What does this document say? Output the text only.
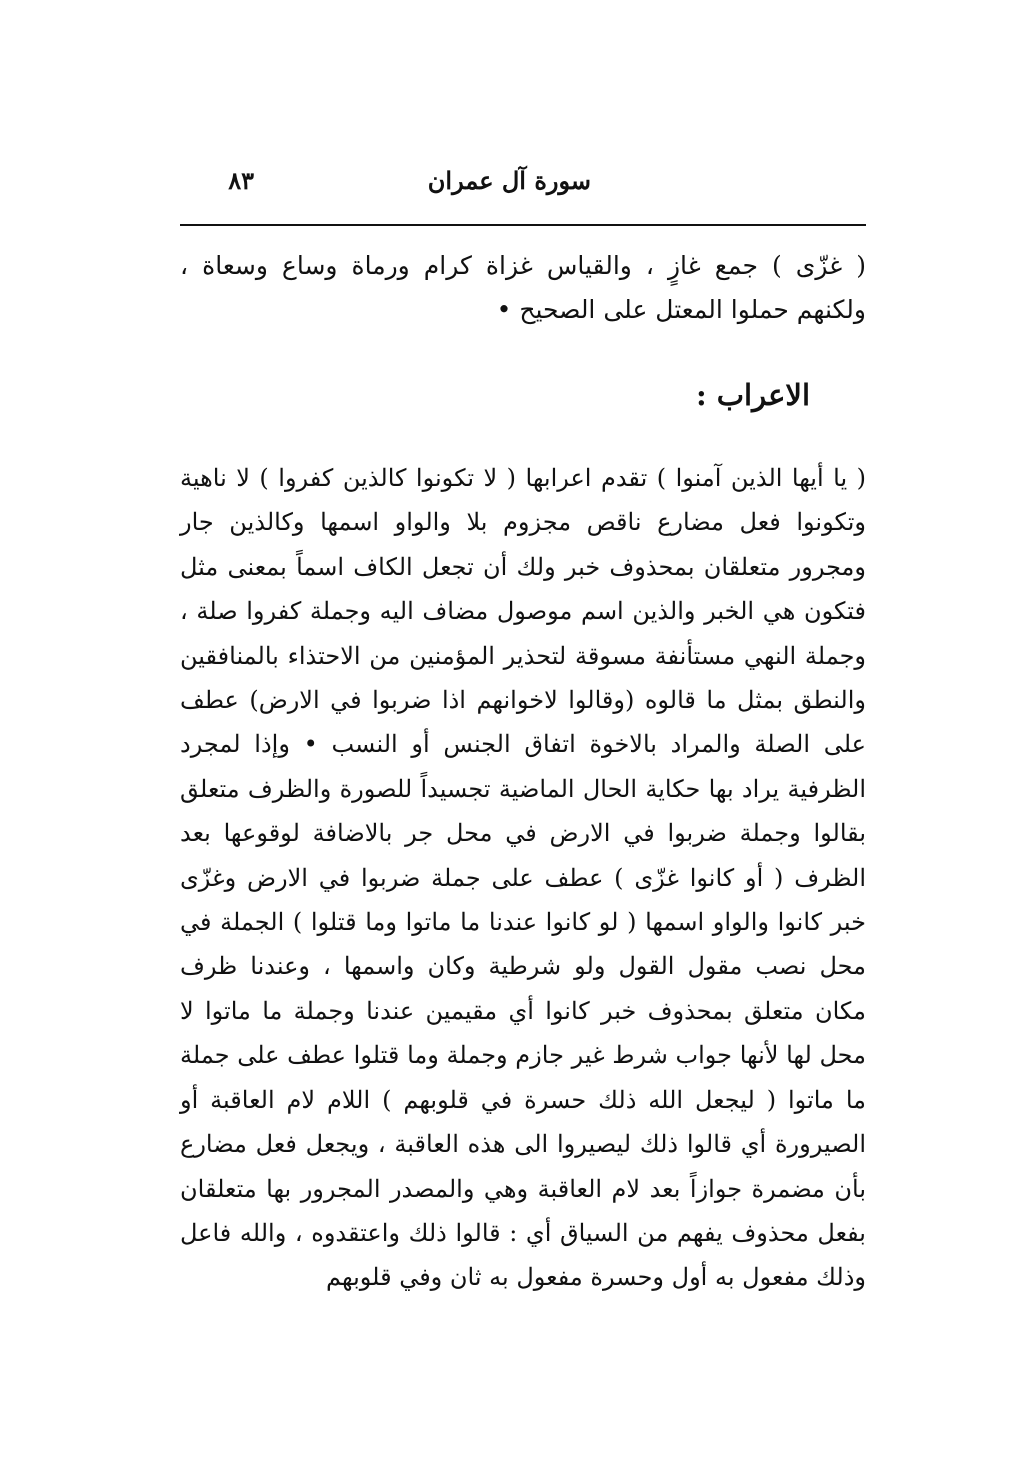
٨٣	سورة آل عمران

( غزّى ) جمع غازٍ ، والقياس غزاة كرام ورماة وساع وسعاة ، ولكنهم حملوا المعتل على الصحيح •

الاعراب :

( يا أيها الذين آمنوا ) تقدم اعرابها ( لا تكونوا كالذين كفروا ) لا ناهية وتكونوا فعل مضارع ناقص مجزوم بلا والواو اسمها وكالذين جار ومجرور متعلقان بمحذوف خبر ولك أن تجعل الكاف اسماً بمعنى مثل فتكون هي الخبر والذين اسم موصول مضاف اليه وجملة كفروا صلة ، وجملة النهي مستأنفة مسوقة لتحذير المؤمنين من الاحتذاء بالمنافقين والنطق بمثل ما قالوه (وقالوا لاخوانهم اذا ضربوا في الارض) عطف على الصلة والمراد بالاخوة اتفاق الجنس أو النسب • وإذا لمجرد الظرفية يراد بها حكاية الحال الماضية تجسيداً للصورة والظرف متعلق بقالوا وجملة ضربوا في الارض في محل جر بالاضافة لوقوعها بعد الظرف ( أو كانوا غزّى ) عطف على جملة ضربوا في الارض وغزّى خبر كانوا والواو اسمها ( لو كانوا عندنا ما ماتوا وما قتلوا ) الجملة في محل نصب مقول القول ولو شرطية وكان واسمها ، وعندنا ظرف مكان متعلق بمحذوف خبر كانوا أي مقيمين عندنا وجملة ما ماتوا لا محل لها لأنها جواب شرط غير جازم وجملة وما قتلوا عطف على جملة ما ماتوا ( ليجعل الله ذلك حسرة في قلوبهم ) اللام لام العاقبة أو الصيرورة أي قالوا ذلك ليصيروا الى هذه العاقبة ، ويجعل فعل مضارع بأن مضمرة جوازاً بعد لام العاقبة وهي والمصدر المجرور بها متعلقان بفعل محذوف يفهم من السياق أي : قالوا ذلك واعتقدوه ، والله فاعل وذلك مفعول به أول وحسرة مفعول به ثان وفي قلوبهم
